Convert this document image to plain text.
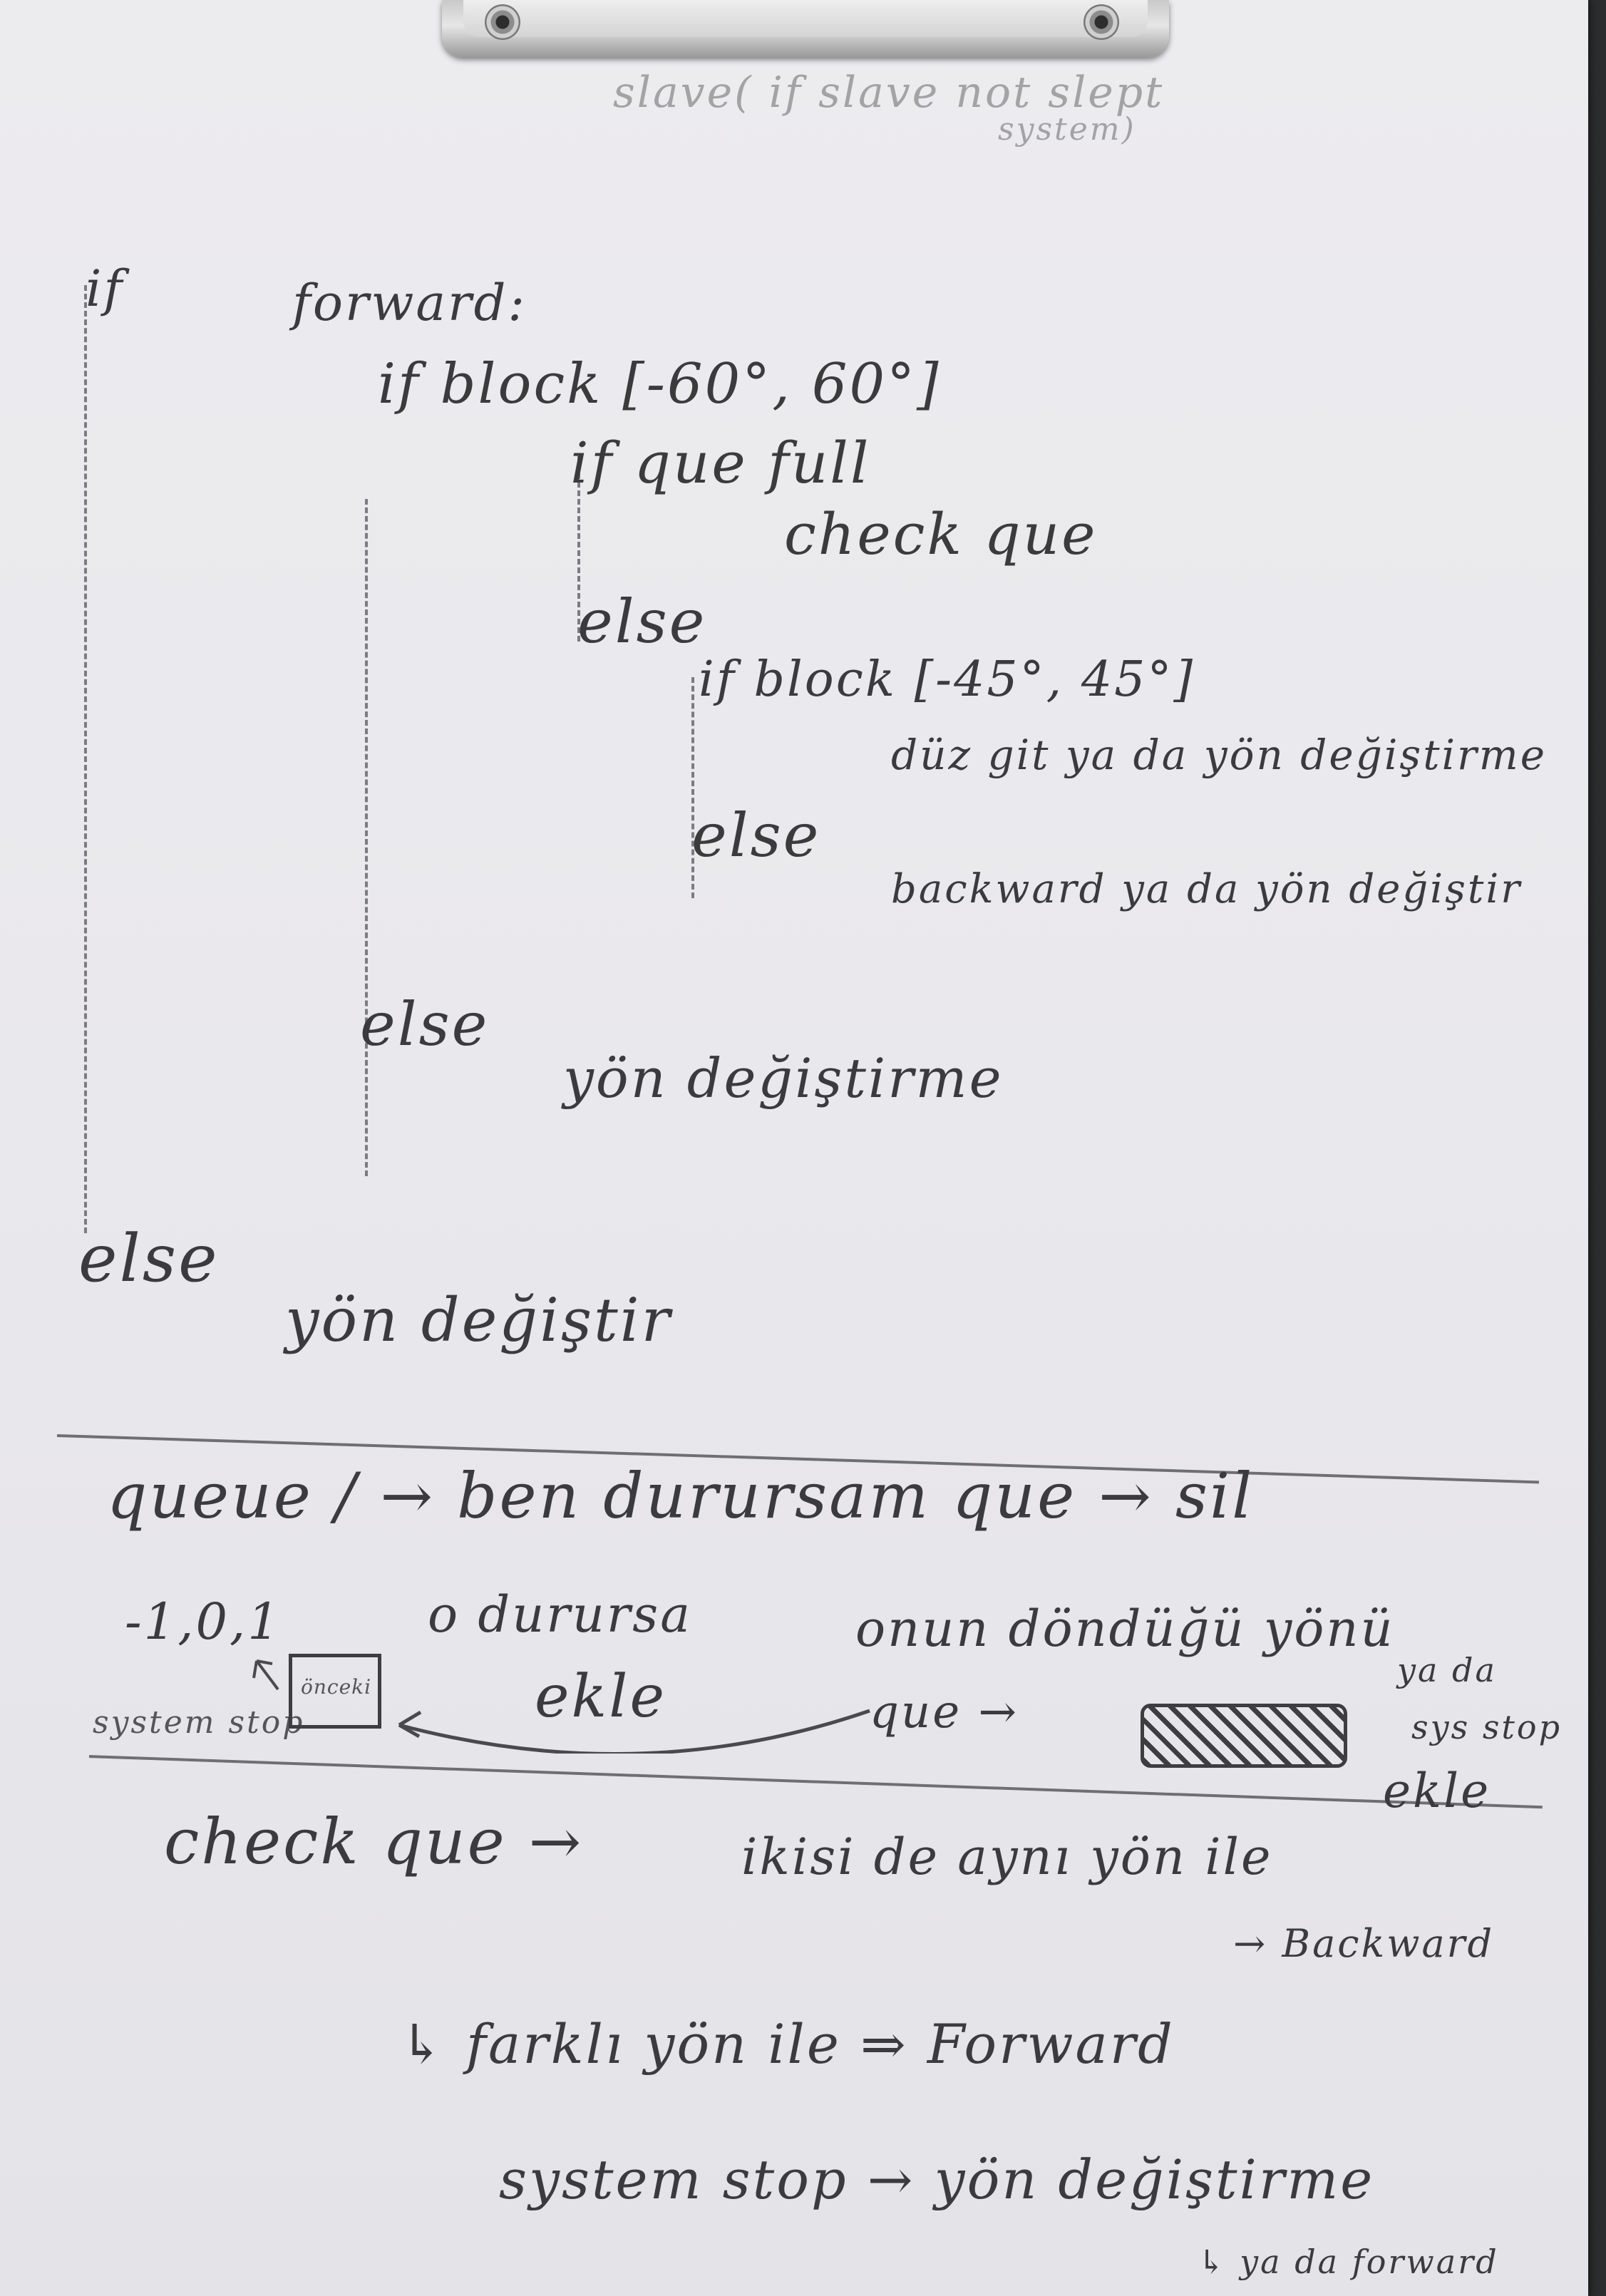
slave( if slave not slept
system)
if	forward:
if block [-60°, 60°]
if que full
check que
else
if block [-45°, 45°]
düz git ya da yön değiştirme
else
backward ya da yön değiştir
else
yön değiştirme
else
yön değiştir
queue / → ben durursam que → sil
-1,0,1
system stop
önceki
o durursa	onun döndüğü yönü
ya da
sys stop
ekle	que →
ekle
check que →	ikisi de aynı yön ile
→ Backward
↳ farklı yön ile ⇒ Forward
system stop → yön değiştirme
↳ ya da forward
